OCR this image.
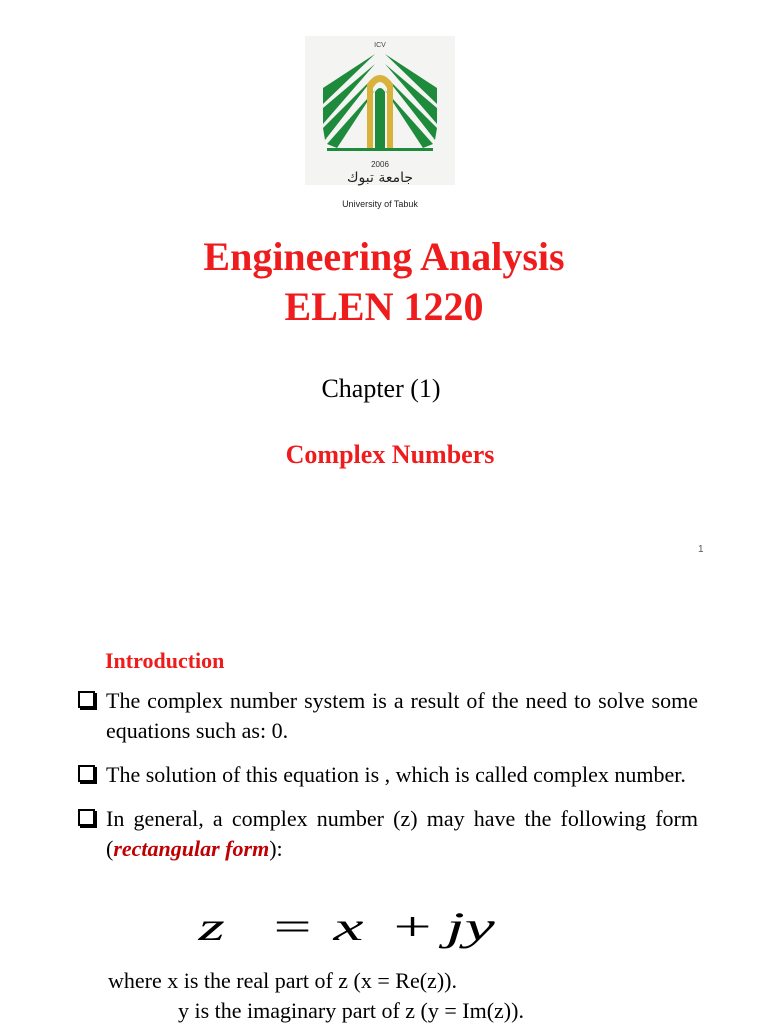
ICV
2006
جامعة تبوك
University of Tabuk
Engineering Analysis
ELEN 1220
Chapter (1)
Complex Numbers
1
Introduction
The complex number system is a result of the need to solve some equations such as: 0.
The solution of this equation is , which is called complex number.
In general, a complex number (z) may have the following form (rectangular form):
z = x + jy
where x is the real part of z (x = Re(z)).
y is the imaginary part of z (y = Im(z)).
